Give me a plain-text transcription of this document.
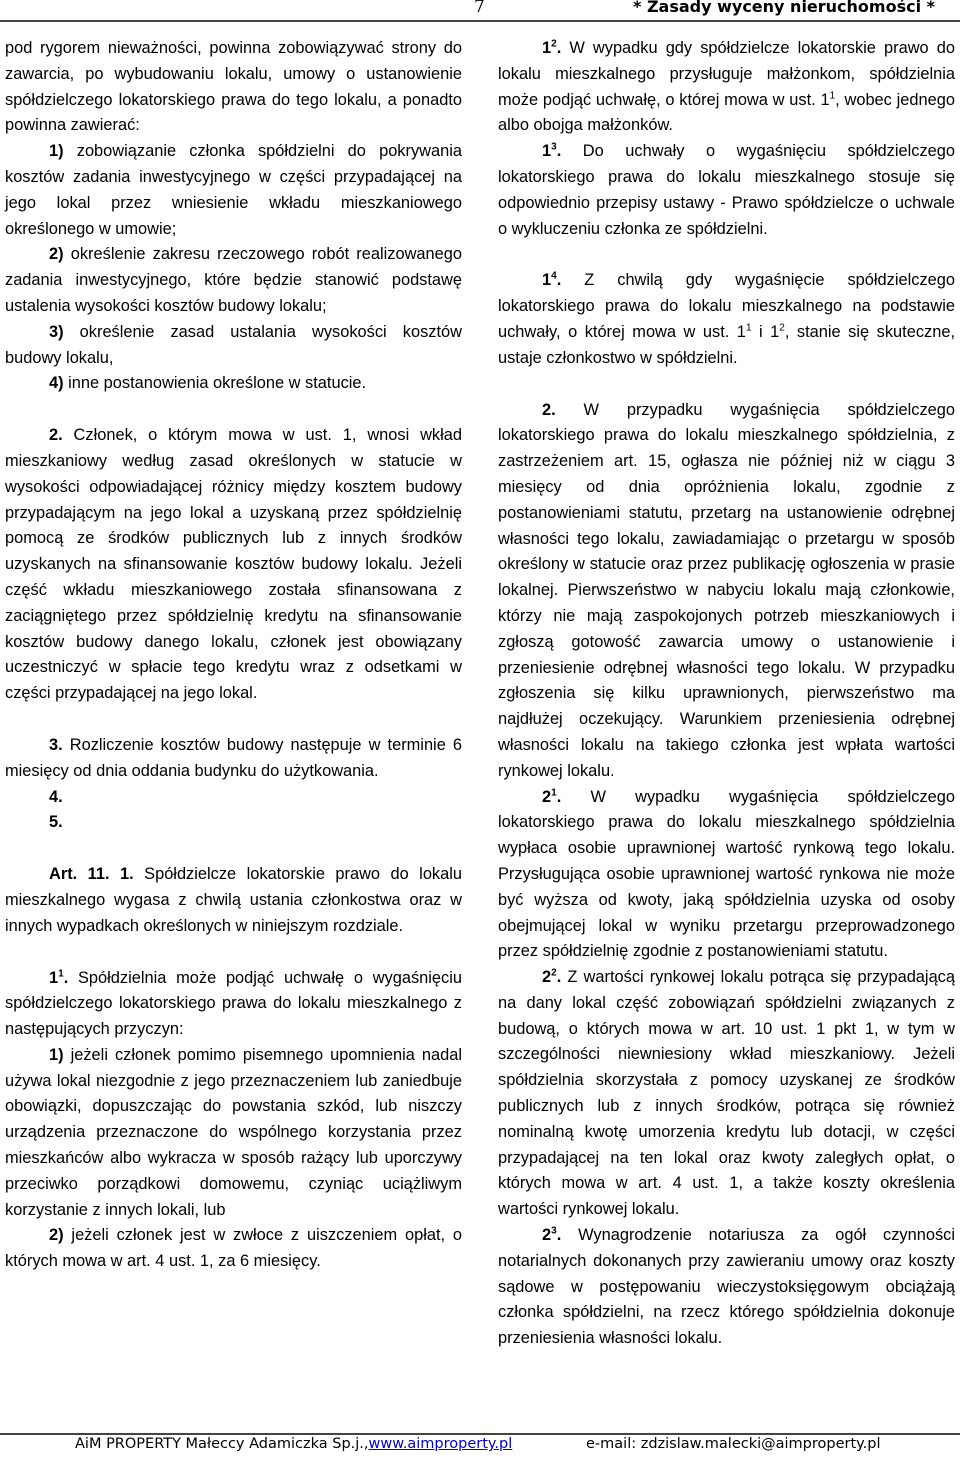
7	* Zasady wyceny nieruchomości *

pod rygorem nieważności, powinna zobowiązywać strony do zawarcia, po wybudowaniu lokalu, umowy o ustanowienie spółdzielczego lokatorskiego prawa do tego lokalu, a ponadto powinna zawierać:

1) zobowiązanie członka spółdzielni do pokrywania kosztów zadania inwestycyjnego w części przypadającej na jego lokal przez wniesienie wkładu mieszkaniowego określonego w umowie;

2) określenie zakresu rzeczowego robót realizowanego zadania inwestycyjnego, które będzie stanowić podstawę ustalenia wysokości kosztów budowy lokalu;

3) określenie zasad ustalania wysokości kosztów budowy lokalu,

4) inne postanowienia określone w statucie.

2. Członek, o którym mowa w ust. 1, wnosi wkład mieszkaniowy według zasad określonych w statucie w wysokości odpowiadającej różnicy między kosztem budowy przypadającym na jego lokal a uzyskaną przez spółdzielnię pomocą ze środków publicznych lub z innych środków uzyskanych na sfinansowanie kosztów budowy lokalu. Jeżeli część wkładu mieszkaniowego została sfinansowana z zaciągniętego przez spółdzielnię kredytu na sfinansowanie kosztów budowy danego lokalu, członek jest obowiązany uczestniczyć w spłacie tego kredytu wraz z odsetkami w części przypadającej na jego lokal.

3. Rozliczenie kosztów budowy następuje w terminie 6 miesięcy od dnia oddania budynku do użytkowania.

4.

5.

Art. 11. 1. Spółdzielcze lokatorskie prawo do lokalu mieszkalnego wygasa z chwilą ustania członkostwa oraz w innych wypadkach określonych w niniejszym rozdziale.

$1^1$. Spółdzielnia może podjąć uchwałę o wygaśnięciu spółdzielczego lokatorskiego prawa do lokalu mieszkalnego z następujących przyczyn:

1) jeżeli członek pomimo pisemnego upomnienia nadal używa lokal niezgodnie z jego przeznaczeniem lub zaniedbuje obowiązki, dopuszczając do powstania szkód, lub niszczy urządzenia przeznaczone do wspólnego korzystania przez mieszkańców albo wykracza w sposób rażący lub uporczywy przeciwko porządkowi domowemu, czyniąc uciążliwym korzystanie z innych lokali, lub

2) jeżeli członek jest w zwłoce z uiszczeniem opłat, o których mowa w art. 4 ust. 1, za 6 miesięcy.

$1^2$. W wypadku gdy spółdzielcze lokatorskie prawo do lokalu mieszkalnego przysługuje małżonkom, spółdzielnia może podjąć uchwałę, o której mowa w ust. $1^1$, wobec jednego albo obojga małżonków.

$1^3$. Do uchwały o wygaśnięciu spółdzielczego lokatorskiego prawa do lokalu mieszkalnego stosuje się odpowiednio przepisy ustawy - Prawo spółdzielcze o uchwale o wykluczeniu członka ze spółdzielni.

$1^4$. Z chwilą gdy wygaśnięcie spółdzielczego lokatorskiego prawa do lokalu mieszkalnego na podstawie uchwały, o której mowa w ust. $1^1$ i $1^2$, stanie się skuteczne, ustaje członkostwo w spółdzielni.

2. W przypadku wygaśnięcia spółdzielczego lokatorskiego prawa do lokalu mieszkalnego spółdzielnia, z zastrzeżeniem art. 15, ogłasza nie później niż w ciągu 3 miesięcy od dnia opróżnienia lokalu, zgodnie z postanowieniami statutu, przetarg na ustanowienie odrębnej własności tego lokalu, zawiadamiając o przetargu w sposób określony w statucie oraz przez publikację ogłoszenia w prasie lokalnej. Pierwszeństwo w nabyciu lokalu mają członkowie, którzy nie mają zaspokojonych potrzeb mieszkaniowych i zgłoszą gotowość zawarcia umowy o ustanowienie i przeniesienie odrębnej własności tego lokalu. W przypadku zgłoszenia się kilku uprawnionych, pierwszeństwo ma najdłużej oczekujący. Warunkiem przeniesienia odrębnej własności lokalu na takiego członka jest wpłata wartości rynkowej lokalu.

$2^1$. W wypadku wygaśnięcia spółdzielczego lokatorskiego prawa do lokalu mieszkalnego spółdzielnia wypłaca osobie uprawnionej wartość rynkową tego lokalu. Przysługująca osobie uprawnionej wartość rynkowa nie może być wyższa od kwoty, jaką spółdzielnia uzyska od osoby obejmującej lokal w wyniku przetargu przeprowadzonego przez spółdzielnię zgodnie z postanowieniami statutu.

$2^2$. Z wartości rynkowej lokalu potrąca się przypadającą na dany lokal część zobowiązań spółdzielni związanych z budową, o których mowa w art. 10 ust. 1 pkt 1, w tym w szczególności niewniesiony wkład mieszkaniowy. Jeżeli spółdzielnia skorzystała z pomocy uzyskanej ze środków publicznych lub z innych środków, potrąca się również nominalną kwotę umorzenia kredytu lub dotacji, w części przypadającej na ten lokal oraz kwoty zaległych opłat, o których mowa w art. 4 ust. 1, a także koszty określenia wartości rynkowej lokalu.

$2^3$. Wynagrodzenie notariusza za ogół czynności notarialnych dokonanych przy zawieraniu umowy oraz koszty sądowe w postępowaniu wieczystoksięgowym obciążają członka spółdzielni, na rzecz którego spółdzielnia dokonuje przeniesienia własności lokalu.

AiM PROPERTY Małeccy Adamiczka Sp.j.,www.aimproperty.pl	e-mail: zdzislaw.malecki@aimproperty.pl
